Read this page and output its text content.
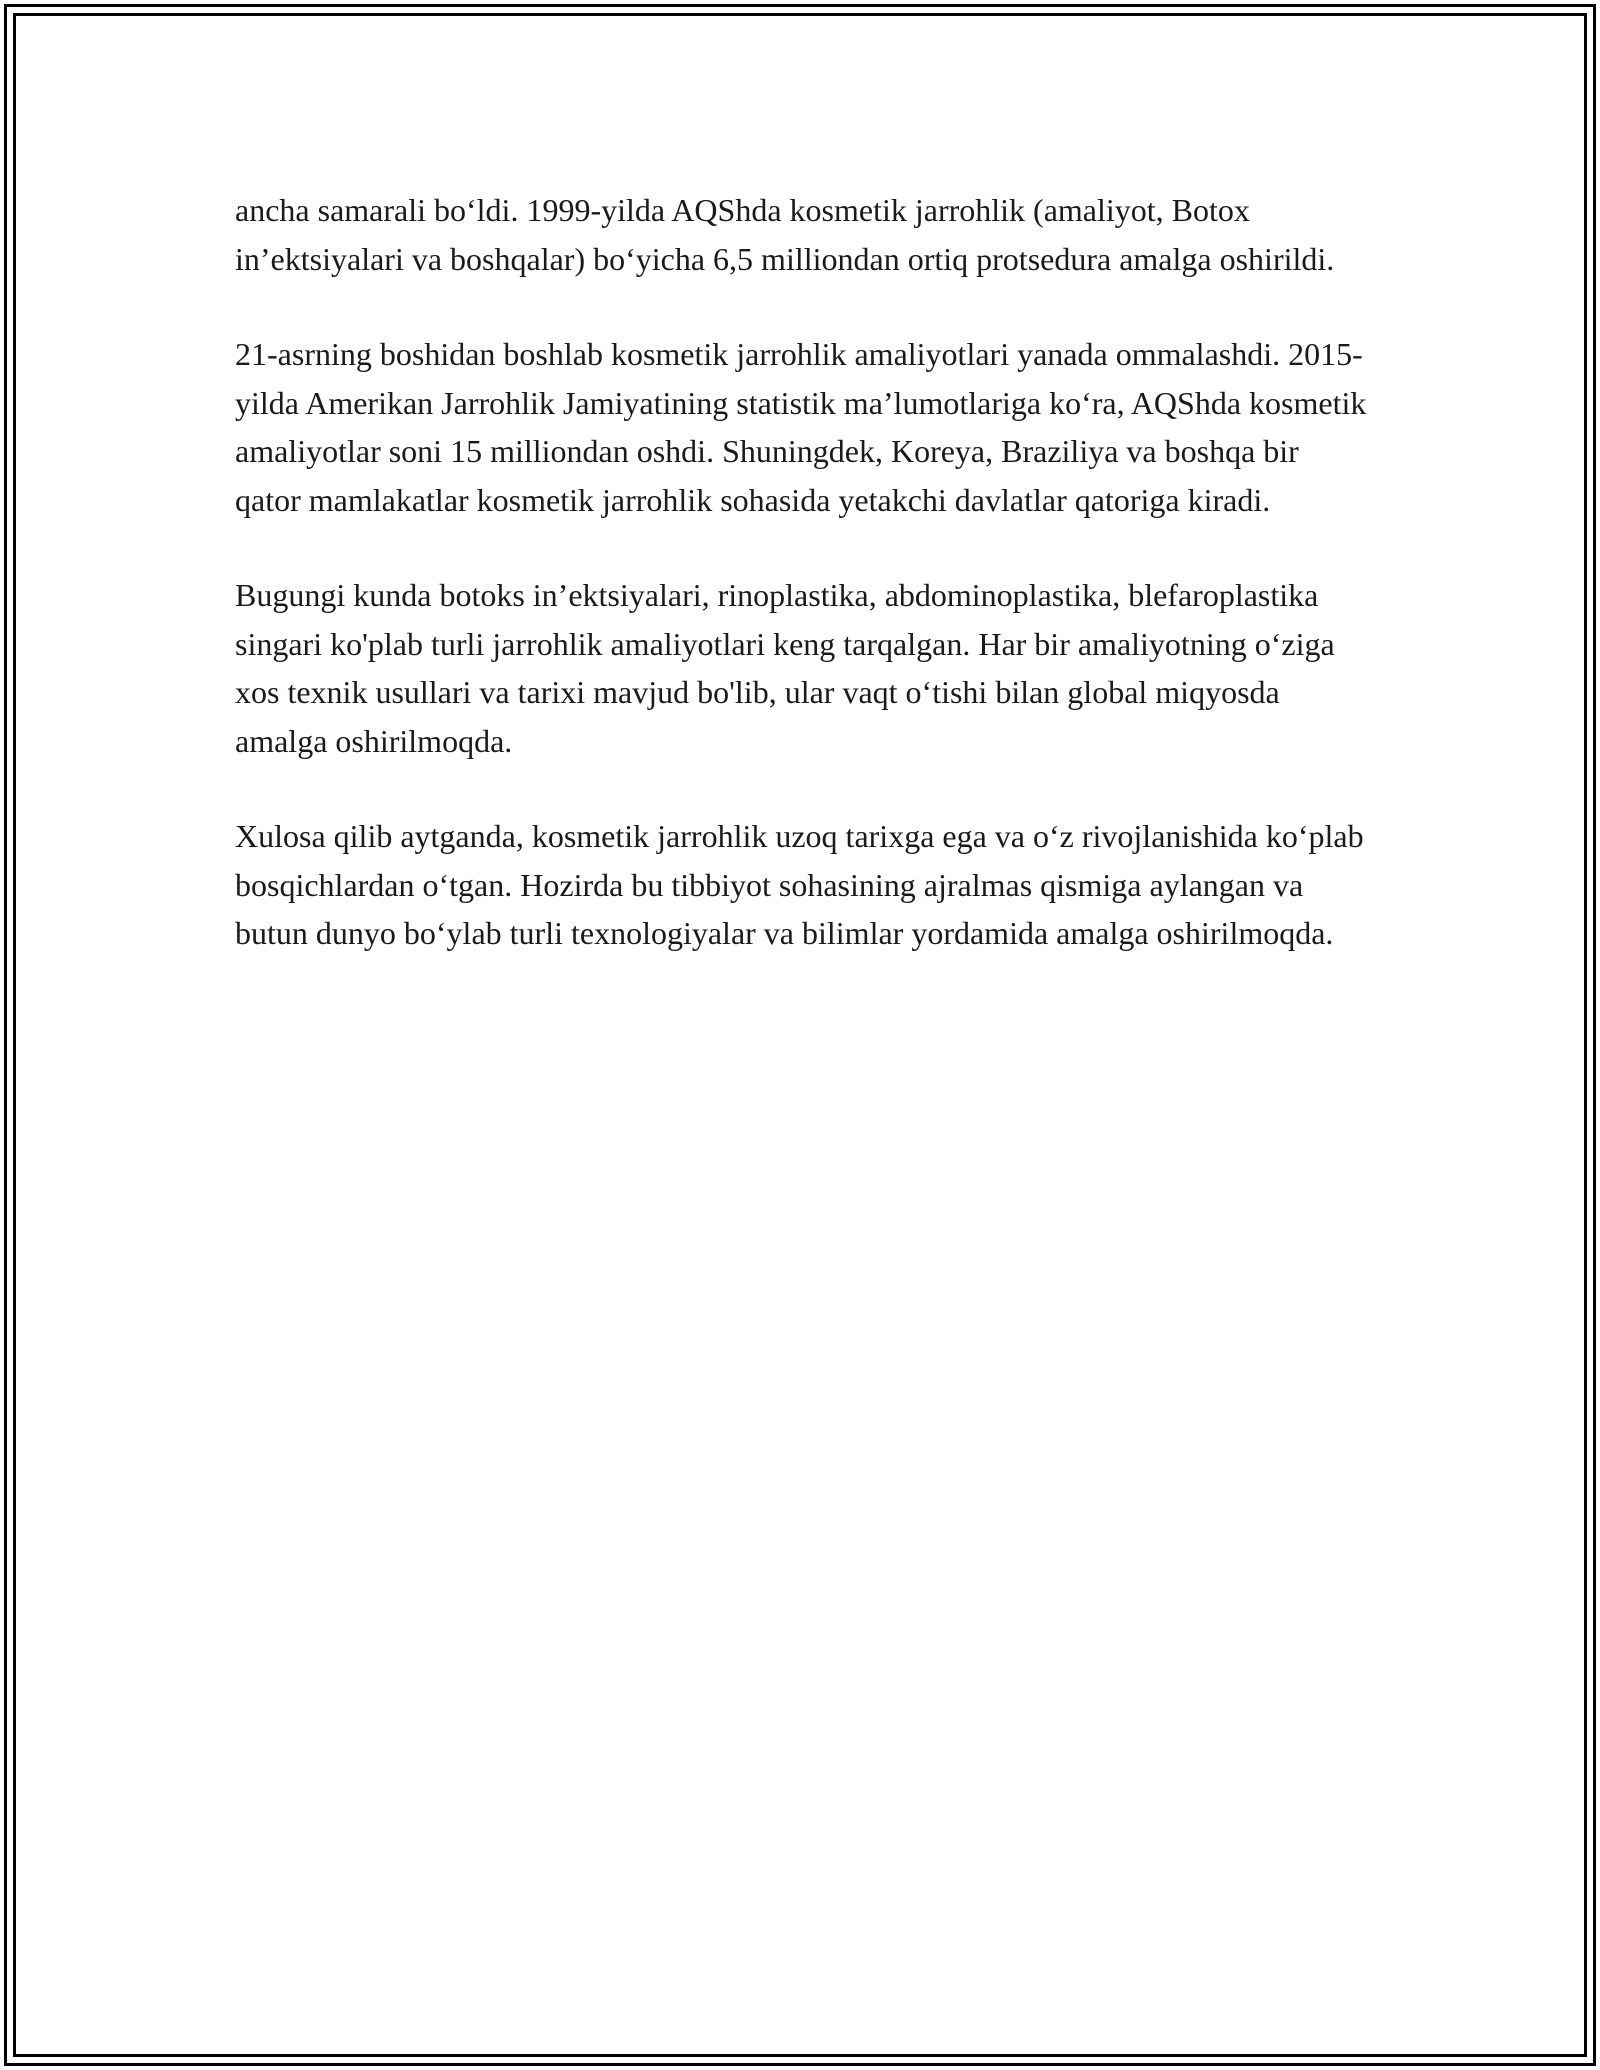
ancha samarali boʻldi. 1999-yilda AQShda kosmetik jarrohlik (amaliyot, Botox in’ektsiyalari va boshqalar) boʻyicha 6,5 milliondan ortiq protsedura amalga oshirildi.

21-asrning boshidan boshlab kosmetik jarrohlik amaliyotlari yanada ommalashdi. 2015-yilda Amerikan Jarrohlik Jamiyatining statistik ma’lumotlariga koʻra, AQShda kosmetik amaliyotlar soni 15 milliondan oshdi. Shuningdek, Koreya, Braziliya va boshqa bir qator mamlakatlar kosmetik jarrohlik sohasida yetakchi davlatlar qatoriga kiradi.

Bugungi kunda botoks in’ektsiyalari, rinoplastika, abdominoplastika, blefaroplastika singari ko'plab turli jarrohlik amaliyotlari keng tarqalgan. Har bir amaliyotning oʻziga xos texnik usullari va tarixi mavjud bo'lib, ular vaqt oʻtishi bilan global miqyosda amalga oshirilmoqda.

Xulosa qilib aytganda, kosmetik jarrohlik uzoq tarixga ega va oʻz rivojlanishida koʻplab bosqichlardan oʻtgan. Hozirda bu tibbiyot sohasining ajralmas qismiga aylangan va butun dunyo boʻylab turli texnologiyalar va bilimlar yordamida amalga oshirilmoqda.
